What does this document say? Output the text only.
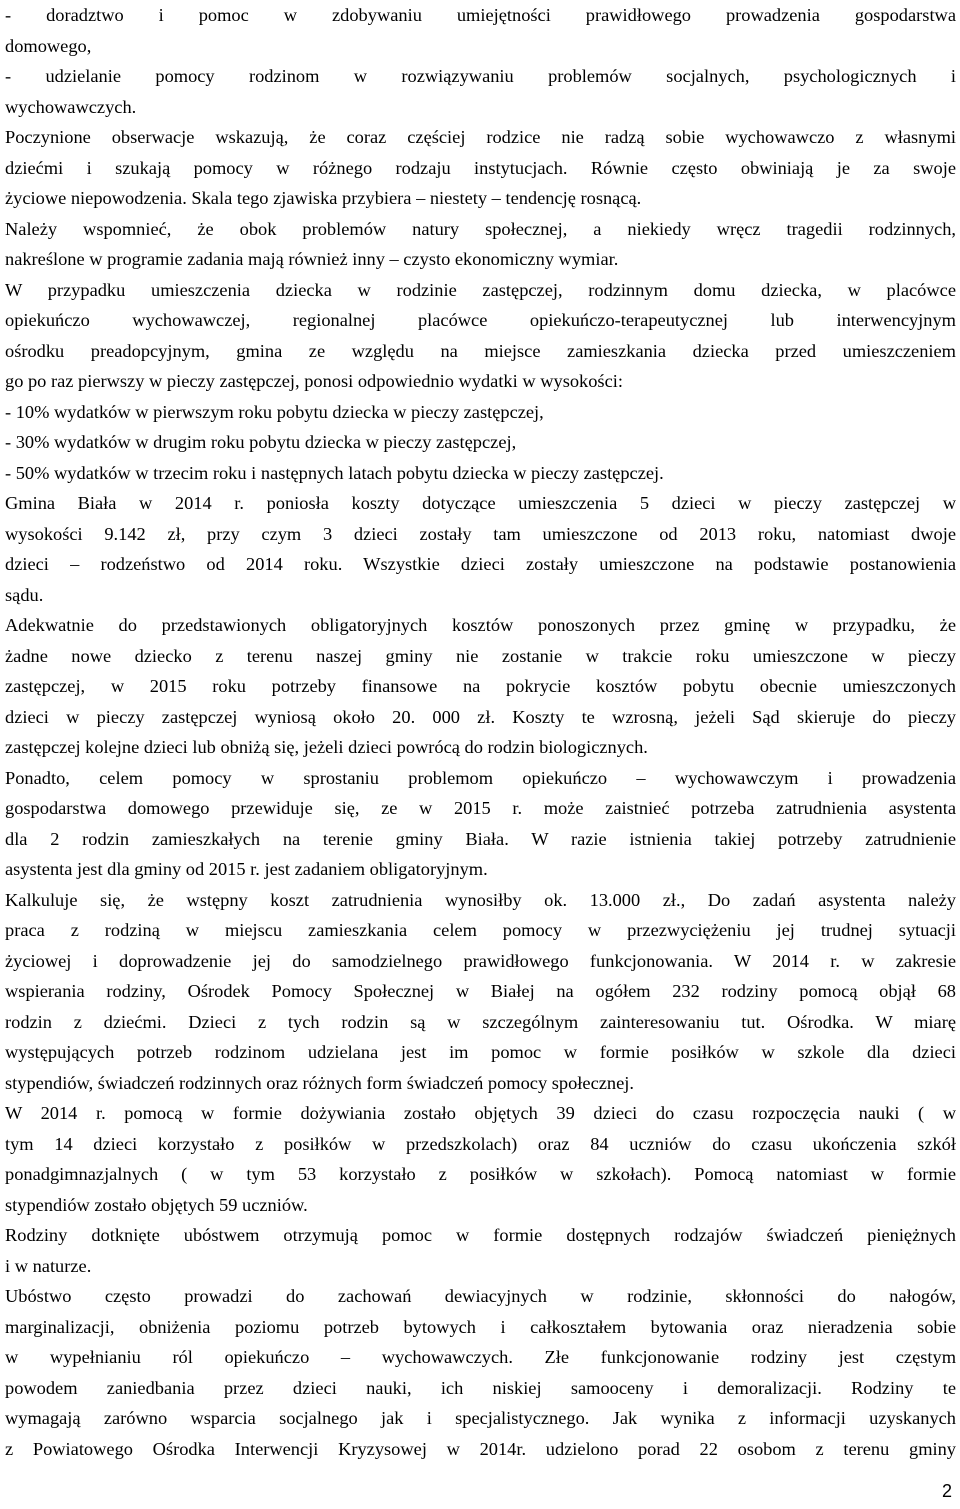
- doradztwo i pomoc w zdobywaniu umiejętności prawidłowego prowadzenia gospodarstwa
domowego,
- udzielanie pomocy rodzinom w rozwiązywaniu problemów socjalnych, psychologicznych i
wychowawczych.
Poczynione obserwacje wskazują, że coraz częściej rodzice nie radzą sobie wychowawczo z własnymi
dziećmi i szukają pomocy w różnego rodzaju instytucjach. Równie często obwiniają je za swoje
życiowe niepowodzenia. Skala tego zjawiska przybiera – niestety – tendencję rosnącą.
Należy wspomnieć, że obok problemów natury społecznej, a niekiedy wręcz tragedii rodzinnych,
nakreślone w programie zadania mają również inny – czysto ekonomiczny wymiar.
W przypadku umieszczenia dziecka w rodzinie zastępczej, rodzinnym domu dziecka, w placówce
opiekuńczo wychowawczej, regionalnej placówce opiekuńczo-terapeutycznej lub interwencyjnym
ośrodku preadopcyjnym, gmina ze względu na miejsce zamieszkania dziecka przed umieszczeniem
go po raz pierwszy w pieczy zastępczej, ponosi odpowiednio wydatki w wysokości:
- 10% wydatków w pierwszym roku pobytu dziecka w pieczy zastępczej,
- 30% wydatków w drugim roku pobytu dziecka w pieczy zastępczej,
- 50% wydatków w trzecim roku i następnych latach pobytu dziecka w pieczy zastępczej.
Gmina Biała w 2014 r. poniosła koszty dotyczące umieszczenia 5 dzieci w pieczy zastępczej w
wysokości 9.142 zł, przy czym 3 dzieci zostały tam umieszczone od 2013 roku, natomiast dwoje
dzieci – rodzeństwo od 2014 roku. Wszystkie dzieci zostały umieszczone na podstawie postanowienia
sądu.
Adekwatnie do przedstawionych obligatoryjnych kosztów ponoszonych przez gminę w przypadku, że
żadne nowe dziecko z terenu naszej gminy nie zostanie w trakcie roku umieszczone w pieczy
zastępczej, w 2015 roku potrzeby finansowe na pokrycie kosztów pobytu obecnie umieszczonych
dzieci w pieczy zastępczej wyniosą około 20. 000 zł. Koszty te wzrosną, jeżeli Sąd skieruje do pieczy
zastępczej kolejne dzieci lub obniżą się, jeżeli dzieci powrócą do rodzin biologicznych.
Ponadto, celem pomocy w sprostaniu problemom opiekuńczo – wychowawczym i prowadzenia
gospodarstwa domowego przewiduje się, ze w 2015 r. może zaistnieć potrzeba zatrudnienia asystenta
dla 2 rodzin zamieszkałych na terenie gminy Biała. W razie istnienia takiej potrzeby zatrudnienie
asystenta jest dla gminy od 2015 r. jest zadaniem obligatoryjnym.
Kalkuluje się, że wstępny koszt zatrudnienia wynosiłby ok. 13.000 zł., Do zadań asystenta należy
praca z rodziną w miejscu zamieszkania celem pomocy w przezwyciężeniu jej trudnej sytuacji
życiowej i doprowadzenie jej do samodzielnego prawidłowego funkcjonowania. W 2014 r. w zakresie
wspierania rodziny, Ośrodek Pomocy Społecznej w Białej na ogółem 232 rodziny pomocą objął 68
rodzin z dziećmi. Dzieci z tych rodzin są w szczególnym zainteresowaniu tut. Ośrodka. W miarę
występujących potrzeb rodzinom udzielana jest im pomoc w formie posiłków w szkole dla dzieci
stypendiów, świadczeń rodzinnych oraz różnych form świadczeń pomocy społecznej.
W 2014 r. pomocą w formie dożywiania zostało objętych 39 dzieci do czasu rozpoczęcia nauki ( w
tym 14 dzieci korzystało z posiłków w przedszkolach) oraz 84 uczniów do czasu ukończenia szkół
ponadgimnazjalnych ( w tym 53 korzystało z posiłków w szkołach). Pomocą natomiast w formie
stypendiów zostało objętych 59 uczniów.
Rodziny dotknięte ubóstwem otrzymują pomoc w formie dostępnych rodzajów świadczeń pieniężnych
i w naturze.
Ubóstwo często prowadzi do zachowań dewiacyjnych w rodzinie, skłonności do nałogów,
marginalizacji, obniżenia poziomu potrzeb bytowych i całkoształem bytowania oraz nieradzenia sobie
w wypełnianiu ról opiekuńczo – wychowawczych. Złe funkcjonowanie rodziny jest częstym
powodem zaniedbania przez dzieci nauki, ich niskiej samooceny i demoralizacji. Rodziny te
wymagają zarówno wsparcia socjalnego jak i specjalistycznego. Jak wynika z informacji uzyskanych
z Powiatowego Ośrodka Interwencji Kryzysowej w 2014r. udzielono porad 22 osobom z terenu gminy
2
